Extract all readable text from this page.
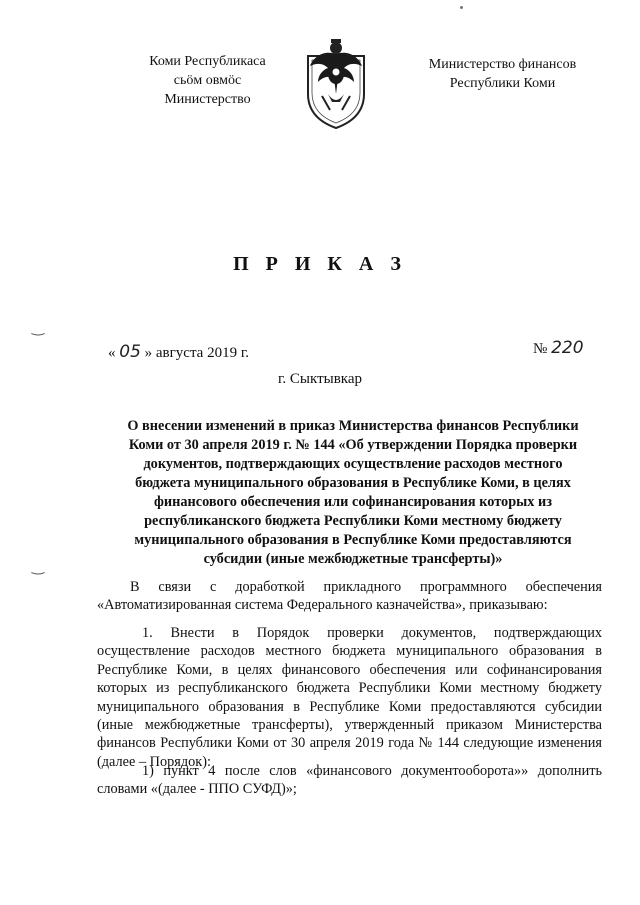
Коми Республикаса
сьӧм овмӧс
Министерство
Министерство финансов
Республики Коми
П Р И К А З
‿
« 05 » августа 2019 г.	№ 220
г. Сыктывкар
О внесении изменений в приказ Министерства финансов Республики Коми от 30 апреля 2019 г. № 144 «Об утверждении Порядка проверки документов, подтверждающих осуществление расходов местного бюджета муниципального образования в Республике Коми, в целях финансового обеспечения или софинансирования которых из республиканского бюджета Республики Коми местному бюджету муниципального образования в Республике Коми предоставляются субсидии (иные межбюджетные трансферты)»
‿
В связи с доработкой прикладного программного обеспечения «Автоматизированная система Федерального казначейства», приказываю:
1. Внести в Порядок проверки документов, подтверждающих осуществление расходов местного бюджета муниципального образования в Республике Коми, в целях финансового обеспечения или софинансирования которых из республиканского бюджета Республики Коми местному бюджету муниципального образования в Республике Коми предоставляются субсидии (иные межбюджетные трансферты), утвержденный приказом Министерства финансов Республики Коми от 30 апреля 2019 года № 144 следующие изменения (далее – Порядок):
1) пункт 4 после слов «финансового документооборота»» дополнить словами «(далее - ППО СУФД)»;
